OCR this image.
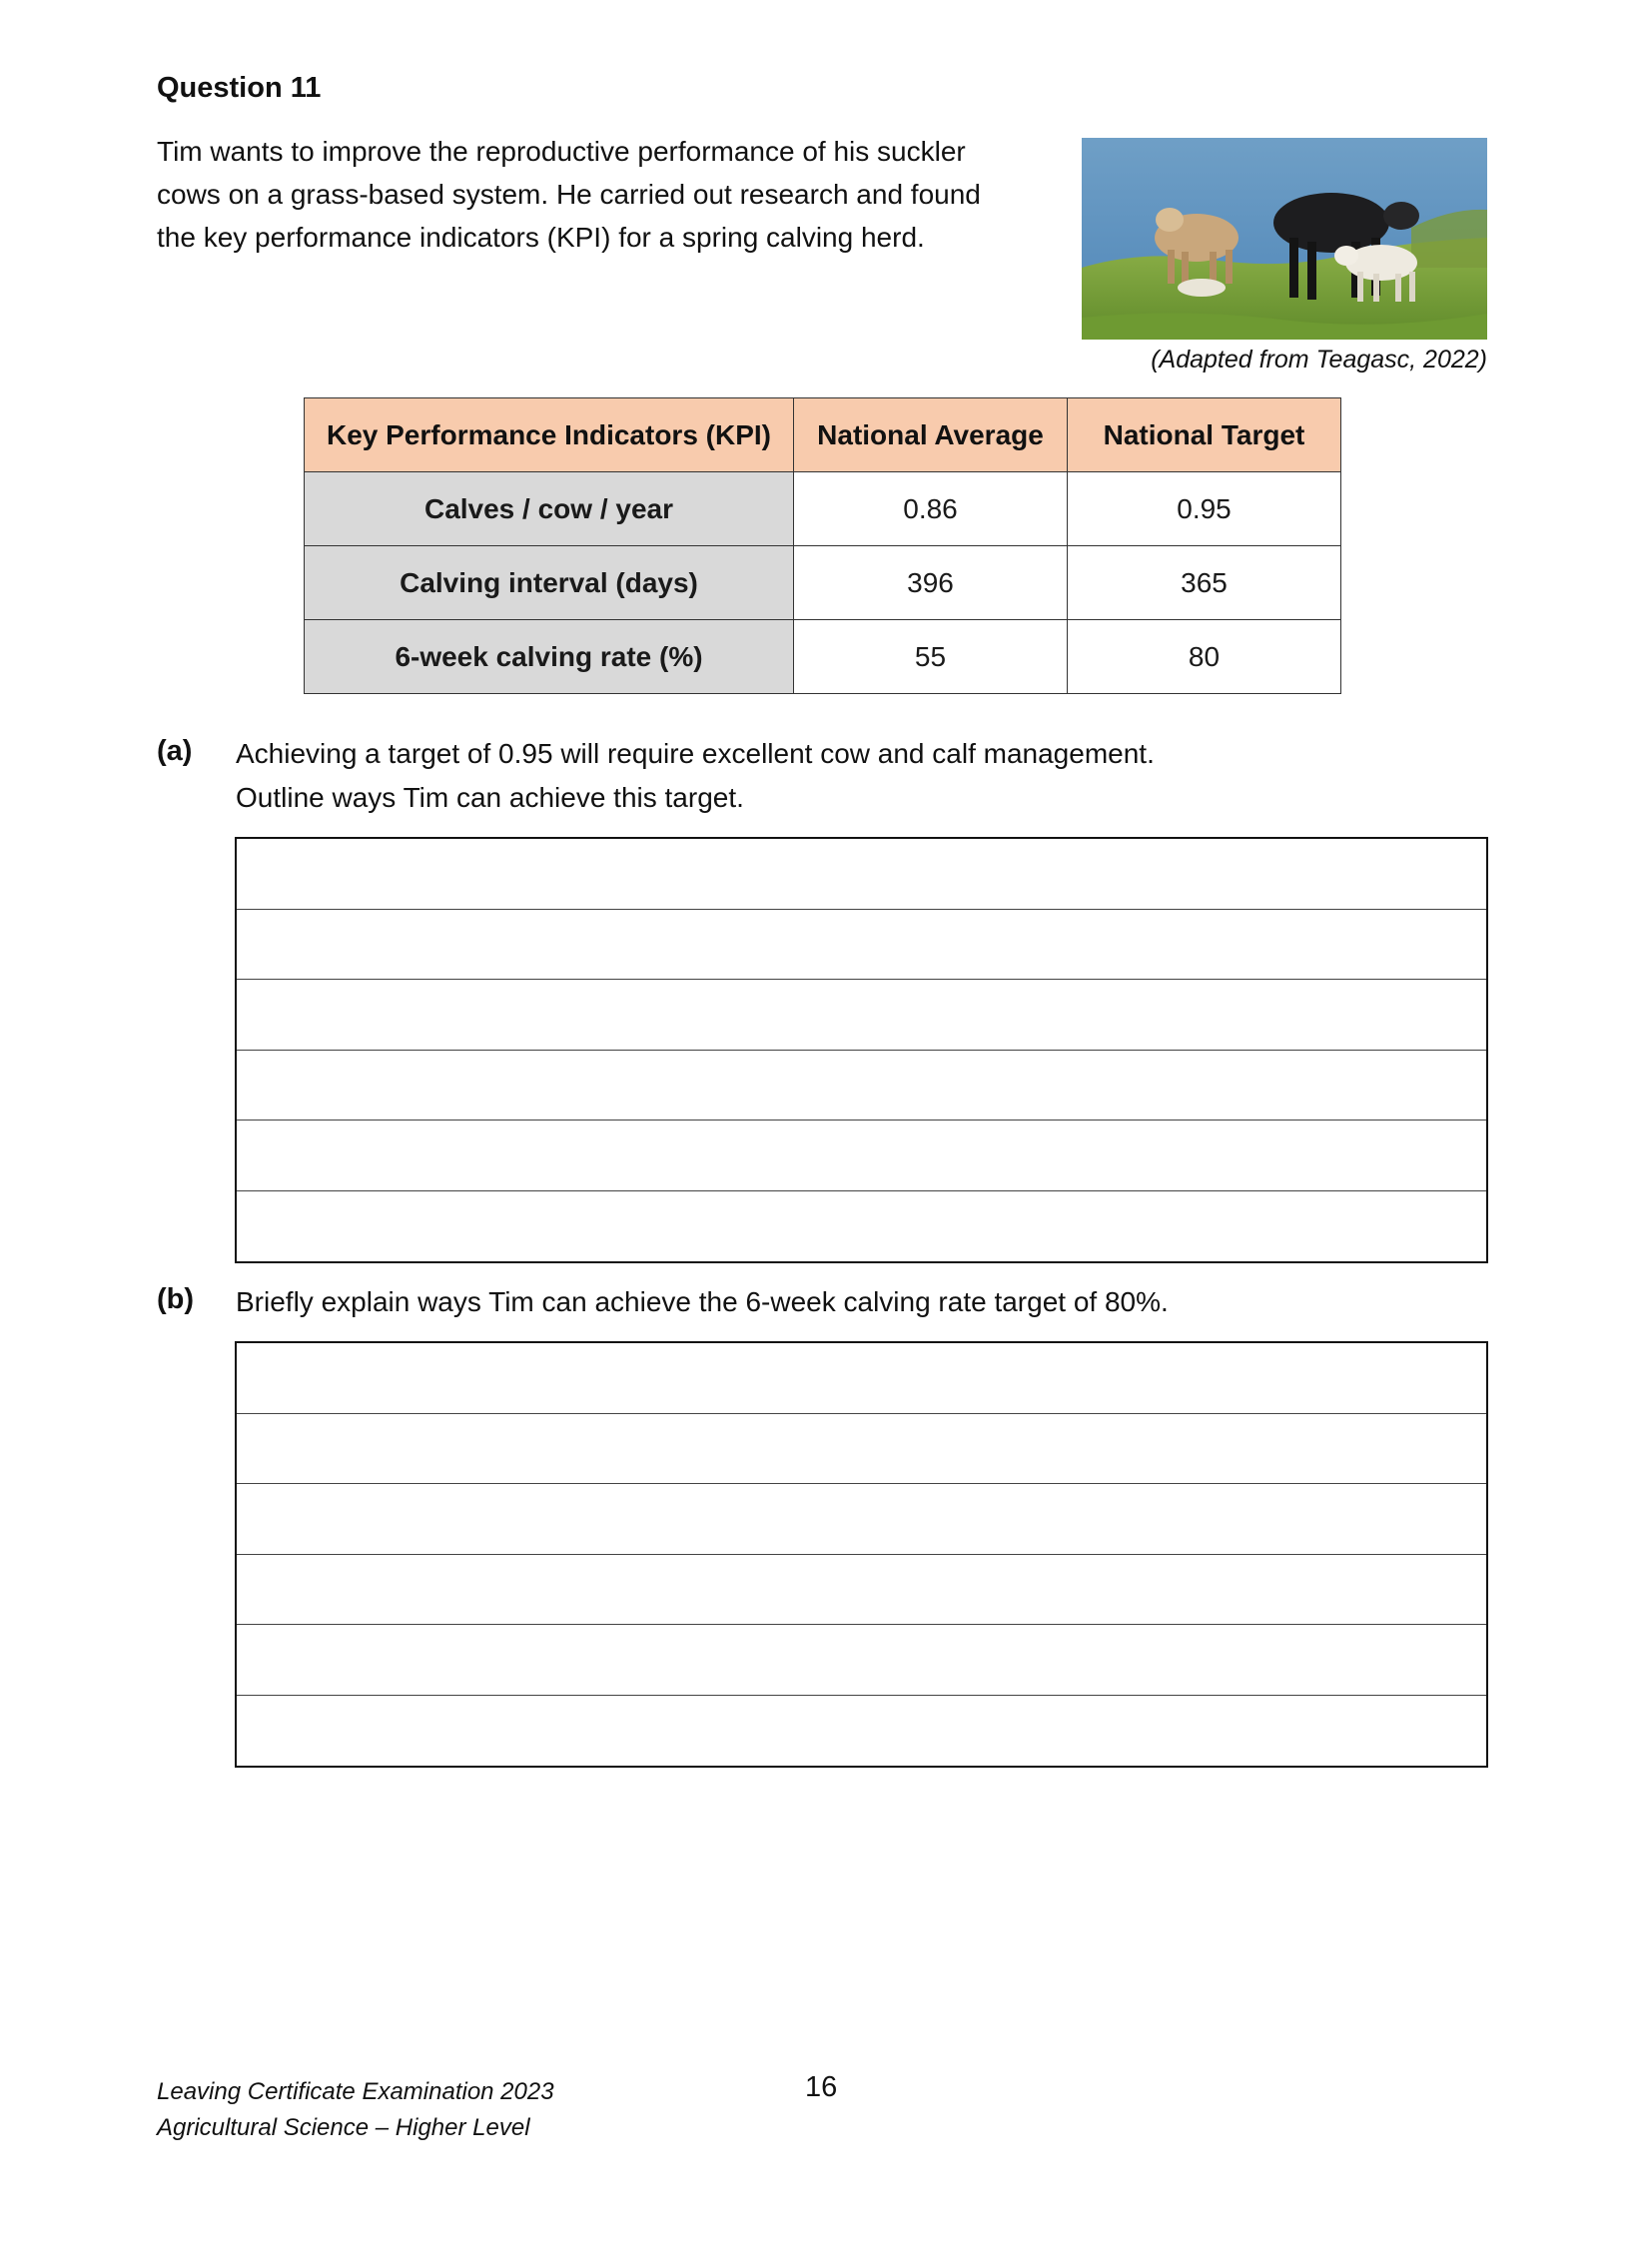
Question 11

Tim wants to improve the reproductive performance of his suckler
cows on a grass-based system. He carried out research and found
the key performance indicators (KPI) for a spring calving herd.

(Adapted from Teagasc, 2022)
Key Performance Indicators (KPI)	National Average	National Target
Calves / cow / year	0.86	0.95
Calving interval (days)	396	365
6-week calving rate (%)	55	80
(a) Achieving a target of 0.95 will require excellent cow and calf management.
Outline ways Tim can achieve this target.

(b) Briefly explain ways Tim can achieve the 6-week calving rate target of 80%.

Leaving Certificate Examination 2023
Agricultural Science – Higher Level
16
